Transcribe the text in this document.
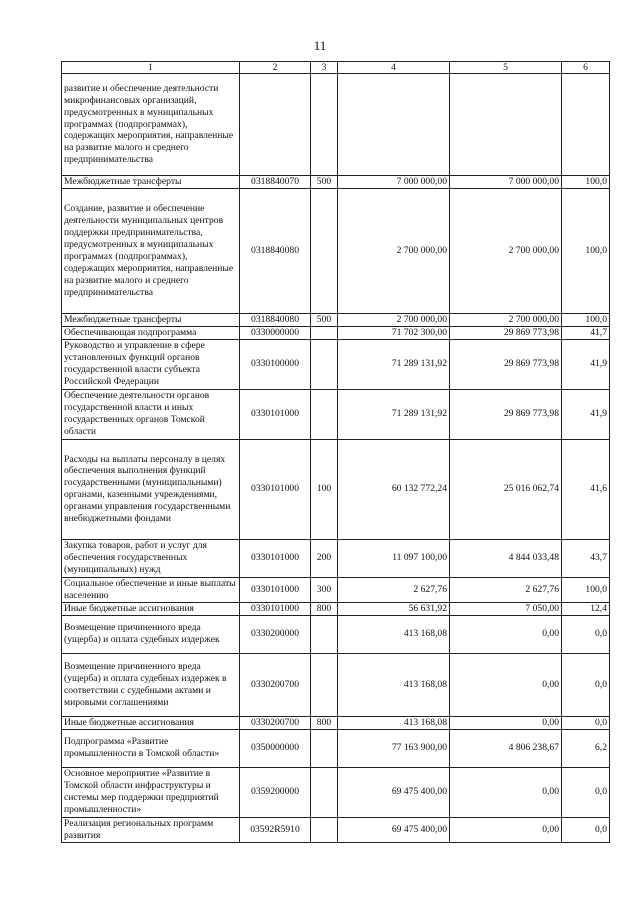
11
1	2	3	4	5	6
развитие и обеспечение деятельности микрофинансовых организаций, предусмотренных в муниципальных программах (подпрограммах), содержащих мероприятия, направленные на развитие малого и среднего предпринимательства					
Межбюджетные трансферты	0318840070	500	7 000 000,00	7 000 000,00	100,0
Создание, развитие и обеспечение деятельности муниципальных центров поддержки предпринимательства, предусмотренных в муниципальных программах (подпрограммах), содержащих мероприятия, направленные на развитие малого и среднего предпринимательства	0318840080		2 700 000,00	2 700 000,00	100,0
Межбюджетные трансферты	0318840080	500	2 700 000,00	2 700 000,00	100,0
Обеспечивающая подпрограмма	0330000000		71 702 300,00	29 869 773,98	41,7
Руководство и управление в сфере установленных функций органов государственной власти субъекта Российской Федерации	0330100000		71 289 131,92	29 869 773,98	41,9
Обеспечение деятельности органов государственной власти и иных государственных органов Томской области	0330101000		71 289 131,92	29 869 773,98	41,9
Расходы на выплаты персоналу в целях обеспечения выполнения функций государственными (муниципальными) органами, казенными учреждениями, органами управления государственными внебюджетными фондами	0330101000	100	60 132 772,24	25 016 062,74	41,6
Закупка товаров, работ и услуг для обеспечения государственных (муниципальных) нужд	0330101000	200	11 097 100,00	4 844 033,48	43,7
Социальное обеспечение и иные выплаты населению	0330101000	300	2 627,76	2 627,76	100,0
Иные бюджетные ассигнования	0330101000	800	56 631,92	7 050,00	12,4
Возмещение причиненного вреда (ущерба) и оплата судебных издержек	0330200000		413 168,08	0,00	0,0
Возмещение причиненного вреда (ущерба) и оплата судебных издержек в соответствии с судебными актами и мировыми соглашениями	0330200700		413 168,08	0,00	0,0
Иные бюджетные ассигнования	0330200700	800	413 168,08	0,00	0,0
Подпрограмма «Развитие промышленности в Томской области»	0350000000		77 163 900,00	4 806 238,67	6,2
Основное мероприятие «Развитие в Томской области инфраструктуры и системы мер поддержки предприятий промышленности»	0359200000		69 475 400,00	0,00	0,0
Реализация региональных программ развития	03592R5910		69 475 400,00	0,00	0,0
